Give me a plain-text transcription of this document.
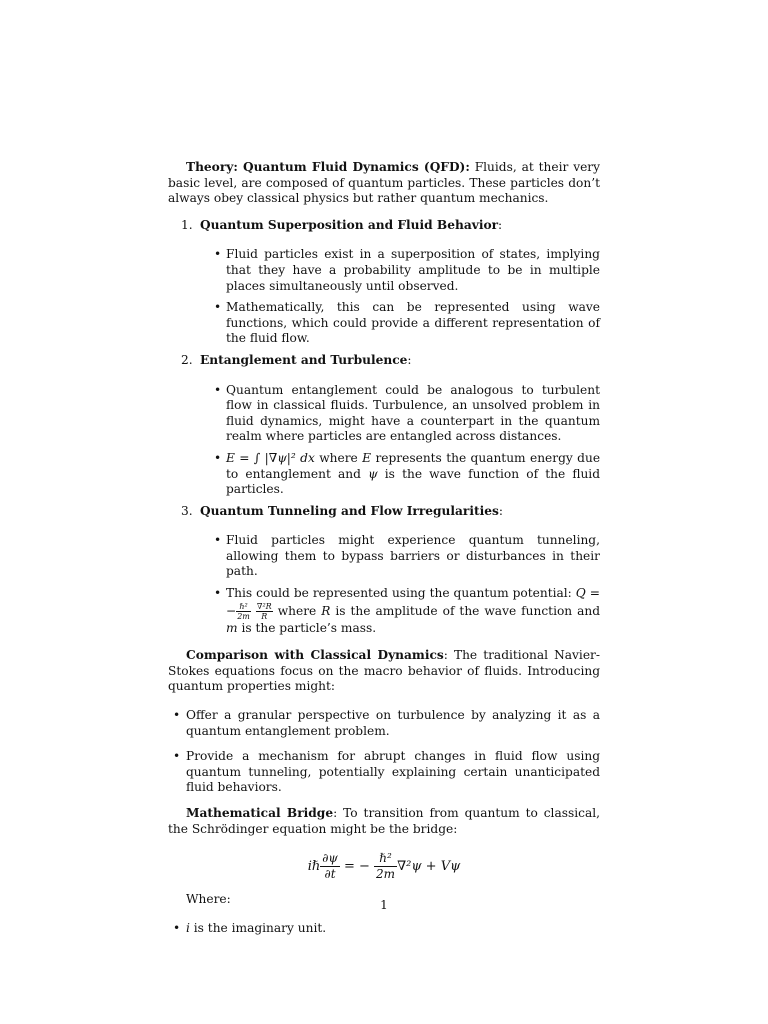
Theory: Quantum Fluid Dynamics (QFD): Fluids, at their very basic level, are composed of quantum particles. These particles don’t always obey classical physics but rather quantum mechanics.

1. Quantum Superposition and Fluid Behavior:
• Fluid particles exist in a superposition of states, implying that they have a probability amplitude to be in multiple places simultaneously until observed.
• Mathematically, this can be represented using wave functions, which could provide a different representation of the fluid flow.
2. Entanglement and Turbulence:
• Quantum entanglement could be analogous to turbulent flow in classical fluids. Turbulence, an unsolved problem in fluid dynamics, might have a counterpart in the quantum realm where particles are entangled across distances.
• E = ∫ |∇ψ|² dx where E represents the quantum energy due to entanglement and ψ is the wave function of the fluid particles.
3. Quantum Tunneling and Flow Irregularities:
• Fluid particles might experience quantum tunneling, allowing them to bypass barriers or disturbances in their path.
• This could be represented using the quantum potential: Q = − $\frac{\text{ℏ²}}{2m}$
$\frac{\text{∇²R}}{R}$ where R is the amplitude of the wave function and m is the particle’s mass.

Comparison with Classical Dynamics: The traditional Navier-Stokes equations focus on the macro behavior of fluids. Introducing quantum properties might:

• Offer a granular perspective on turbulence by analyzing it as a quantum entanglement problem.
• Provide a mechanism for abrupt changes in fluid flow using quantum tunneling, potentially explaining certain unanticipated fluid behaviors.

Mathematical Bridge: To transition from quantum to classical, the Schrödinger equation might be the bridge:

iℏ $\frac{\partial\psi}{\partial t}$ = − $\frac{\text{ℏ²}}{2m} \nabla^2\psi + V\psi$

Where:

• i is the imaginary unit.
1
